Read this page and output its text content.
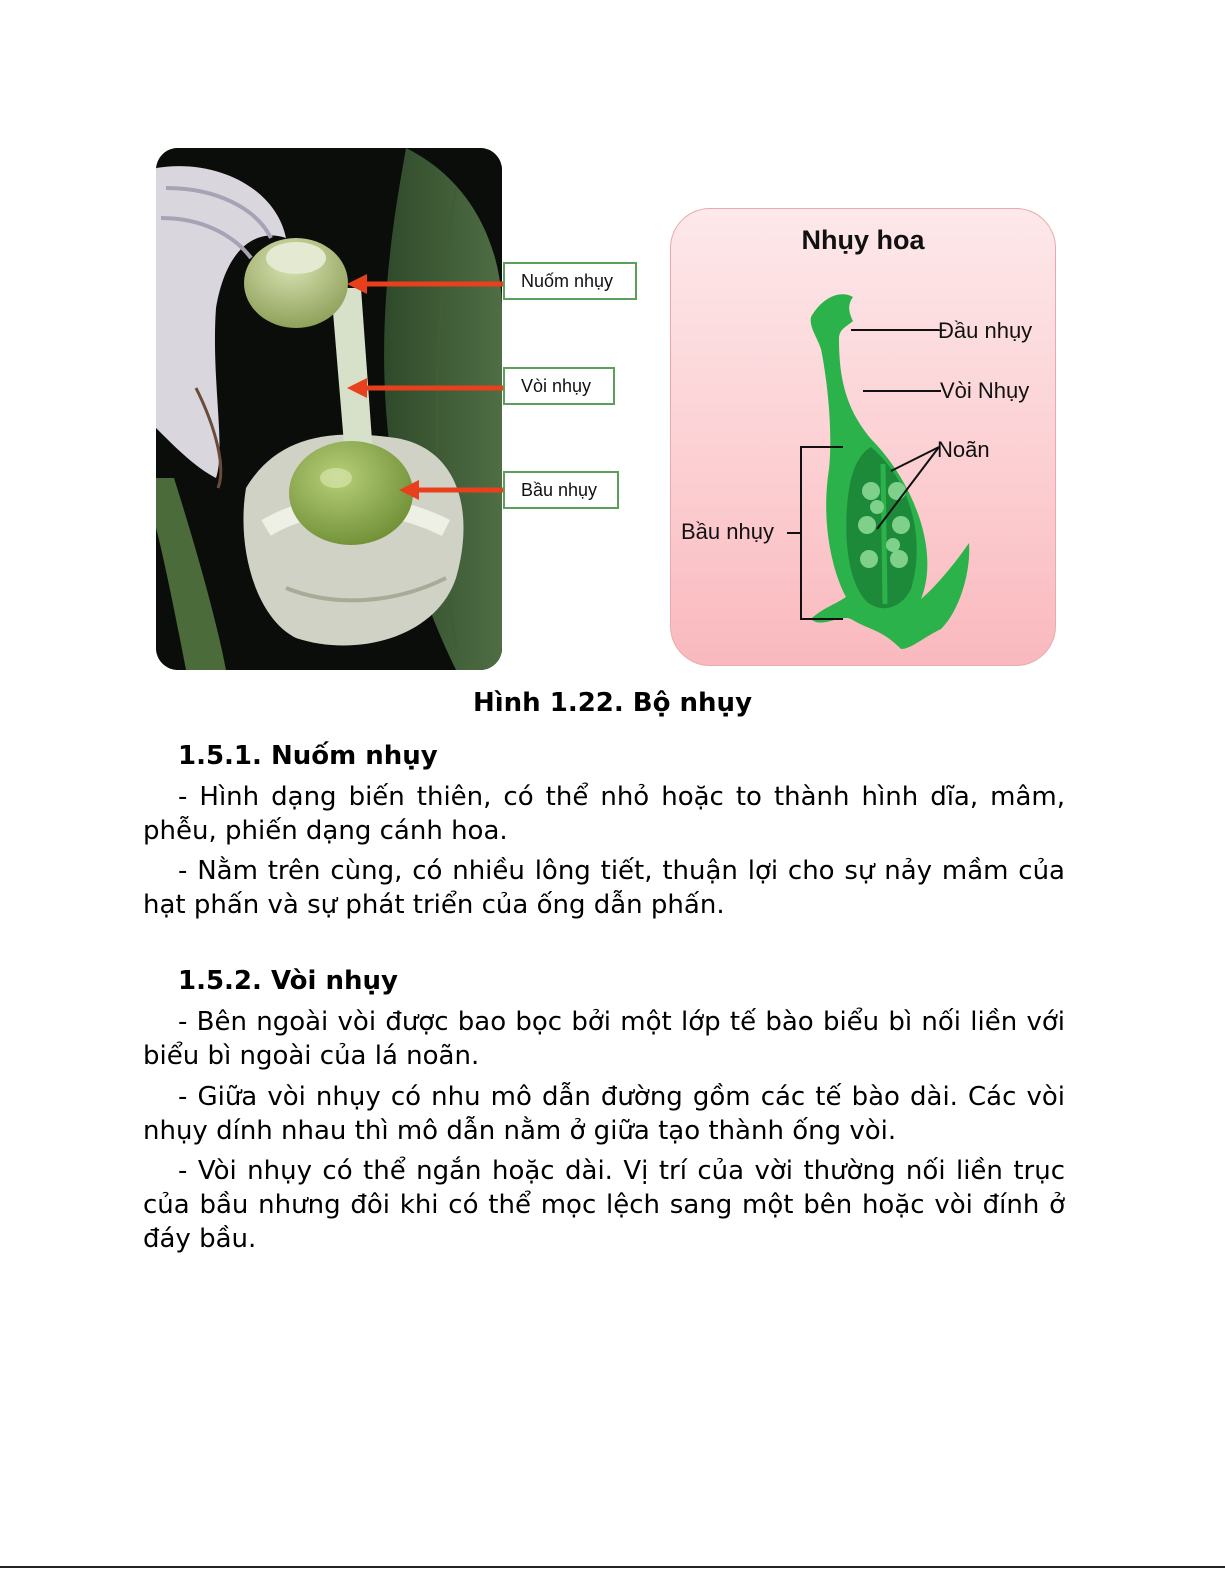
Nuốm nhụy
Vòi nhụy
Bầu nhụy
Nhụy hoa
Đầu nhụy
Vòi Nhụy
Noãn
Bầu nhụy
Hình 1.22. Bộ nhụy
1.5.1. Nuốm nhụy

- Hình dạng biến thiên, có thể nhỏ hoặc to thành hình dĩa, mâm, phễu, phiến dạng cánh hoa.

- Nằm trên cùng, có nhiều lông tiết, thuận lợi cho sự nảy mầm của hạt phấn và sự phát triển của ống dẫn phấn.

1.5.2. Vòi nhụy

- Bên ngoài vòi được bao bọc bởi một lớp tế bào biểu bì nối liền với biểu bì ngoài của lá noãn.

- Giữa vòi nhụy có nhu mô dẫn đường gồm các tế bào dài. Các vòi nhụy dính nhau thì mô dẫn nằm ở giữa tạo thành ống vòi.

- Vòi nhụy có thể ngắn hoặc dài. Vị trí của vời thường nối liền trục của bầu nhưng đôi khi có thể mọc lệch sang một bên hoặc vòi đính ở đáy bầu.
